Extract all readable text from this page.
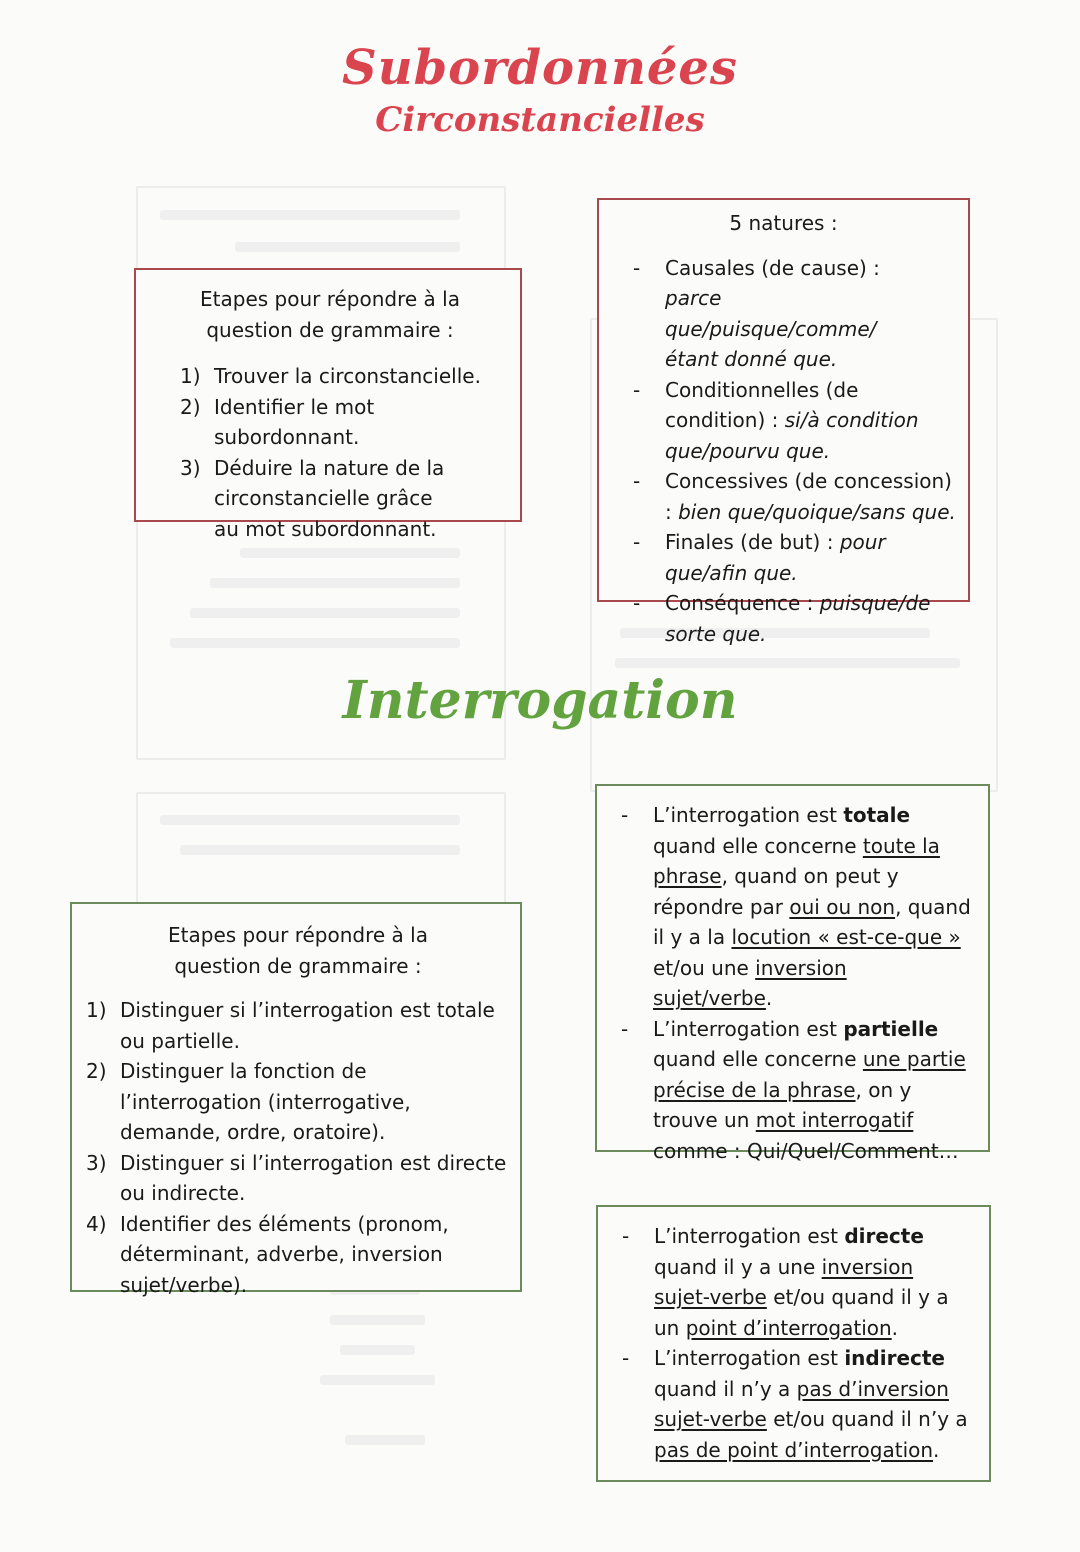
Subordonnées
Circonstancielles
Interrogation
Etapes pour répondre à la question de grammaire :
1) Trouver la circonstancielle.
2) Identifier le mot subordonnant.
3) Déduire la nature de la circonstancielle grâce au mot subordonnant.
5 natures :
- Causales (de cause) : parce que/puisque/comme/étant donné que.
- Conditionnelles (de condition) : si/à condition que/pourvu que.
- Concessives (de concession) : bien que/quoique/sans que.
- Finales (de but) : pour que/afin que.
- Conséquence : puisque/de sorte que.
- L’interrogation est totale quand elle concerne toute la phrase, quand on peut y répondre par oui ou non, quand il y a la locution « est-ce-que » et/ou une inversion sujet/verbe.
- L’interrogation est partielle quand elle concerne une partie précise de la phrase, on y trouve un mot interrogatif comme : Qui/Quel/Comment…
Etapes pour répondre à la question de grammaire :
1) Distinguer si l’interrogation est totale ou partielle.
2) Distinguer la fonction de l’interrogation (interrogative, demande, ordre, oratoire).
3) Distinguer si l’interrogation est directe ou indirecte.
4) Identifier des éléments (pronom, déterminant, adverbe, inversion sujet/verbe).
- L’interrogation est directe quand il y a une inversion sujet-verbe et/ou quand il y a un point d’interrogation.
- L’interrogation est indirecte quand il n’y a pas d’inversion sujet-verbe et/ou quand il n’y a pas de point d’interrogation.
